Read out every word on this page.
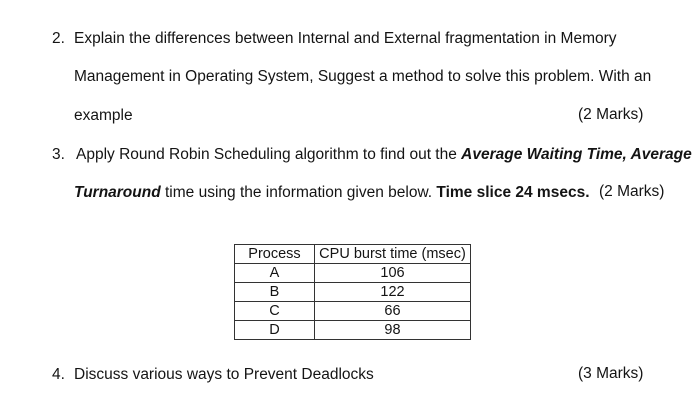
2. Explain the differences between Internal and External fragmentation in Memory
Management in Operating System, Suggest a method to solve this problem. With an
example	(2 Marks)
3. Apply Round Robin Scheduling algorithm to find out the Average Waiting Time, Average
Turnaround time using the information given below. Time slice 24 msecs. (2 Marks)
Process	CPU burst time (msec)
A	106
B	122
C	66
D	98
4. Discuss various ways to Prevent Deadlocks	(3 Marks)
